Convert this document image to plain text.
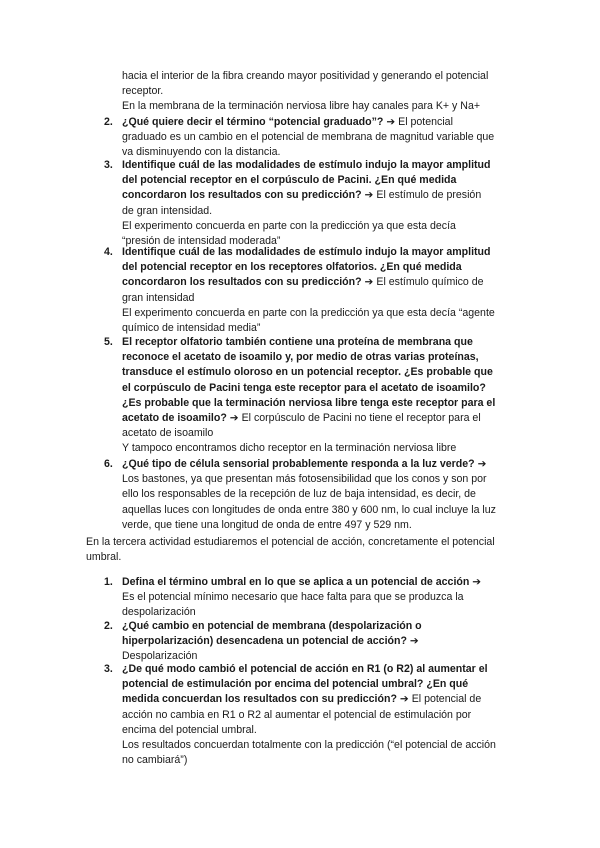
hacia el interior de la fibra creando mayor positividad y generando el potencial
receptor.
En la membrana de la terminación nerviosa libre hay canales para K+ y Na+
2. ¿Qué quiere decir el término “potencial graduado”? ➔ El potencial
graduado es un cambio en el potencial de membrana de magnitud variable que
va disminuyendo con la distancia.
3. Identifique cuál de las modalidades de estímulo indujo la mayor amplitud
del potencial receptor en el corpúsculo de Pacini. ¿En qué medida
concordaron los resultados con su predicción? ➔ El estímulo de presión
de gran intensidad.
El experimento concuerda en parte con la predicción ya que esta decía
“presión de intensidad moderada”
4. Identifique cuál de las modalidades de estímulo indujo la mayor amplitud
del potencial receptor en los receptores olfatorios. ¿En qué medida
concordaron los resultados con su predicción? ➔ El estímulo químico de
gran intensidad
El experimento concuerda en parte con la predicción ya que esta decía “agente
químico de intensidad media”
5. El receptor olfatorio también contiene una proteína de membrana que
reconoce el acetato de isoamilo y, por medio de otras varias proteínas,
transduce el estímulo oloroso en un potencial receptor. ¿Es probable que
el corpúsculo de Pacini tenga este receptor para el acetato de isoamilo?
¿Es probable que la terminación nerviosa libre tenga este receptor para el
acetato de isoamilo? ➔ El corpúsculo de Pacini no tiene el receptor para el
acetato de isoamilo
Y tampoco encontramos dicho receptor en la terminación nerviosa libre
6. ¿Qué tipo de célula sensorial probablemente responda a la luz verde? ➔
Los bastones, ya que presentan más fotosensibilidad que los conos y son por
ello los responsables de la recepción de luz de baja intensidad, es decir, de
aquellas luces con longitudes de onda entre 380 y 600 nm, lo cual incluye la luz
verde, que tiene una longitud de onda de entre 497 y 529 nm.
En la tercera actividad estudiaremos el potencial de acción, concretamente el potencial
umbral.
1. Defina el término umbral en lo que se aplica a un potencial de acción ➔
Es el potencial mínimo necesario que hace falta para que se produzca la
despolarización
2. ¿Qué cambio en potencial de membrana (despolarización o
hiperpolarización) desencadena un potencial de acción? ➔
Despolarización
3. ¿De qué modo cambió el potencial de acción en R1 (o R2) al aumentar el
potencial de estimulación por encima del potencial umbral? ¿En qué
medida concuerdan los resultados con su predicción? ➔ El potencial de
acción no cambia en R1 o R2 al aumentar el potencial de estimulación por
encima del potencial umbral.
Los resultados concuerdan totalmente con la predicción (“el potencial de acción
no cambiará”)
